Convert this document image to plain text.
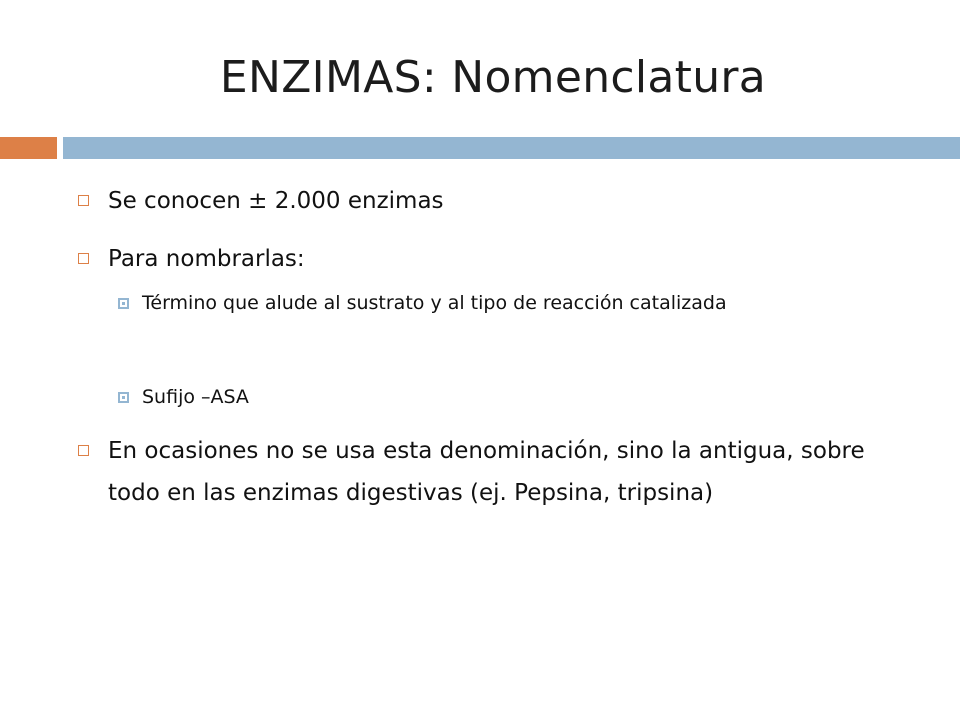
ENZIMAS: Nomenclatura
Se conocen ± 2.000 enzimas
Para nombrarlas:
Término que alude al sustrato y al tipo de reacción catalizada
Sufijo –ASA
En ocasiones no se usa esta denominación, sino la antigua, sobre todo en las enzimas digestivas (ej. Pepsina, tripsina)
